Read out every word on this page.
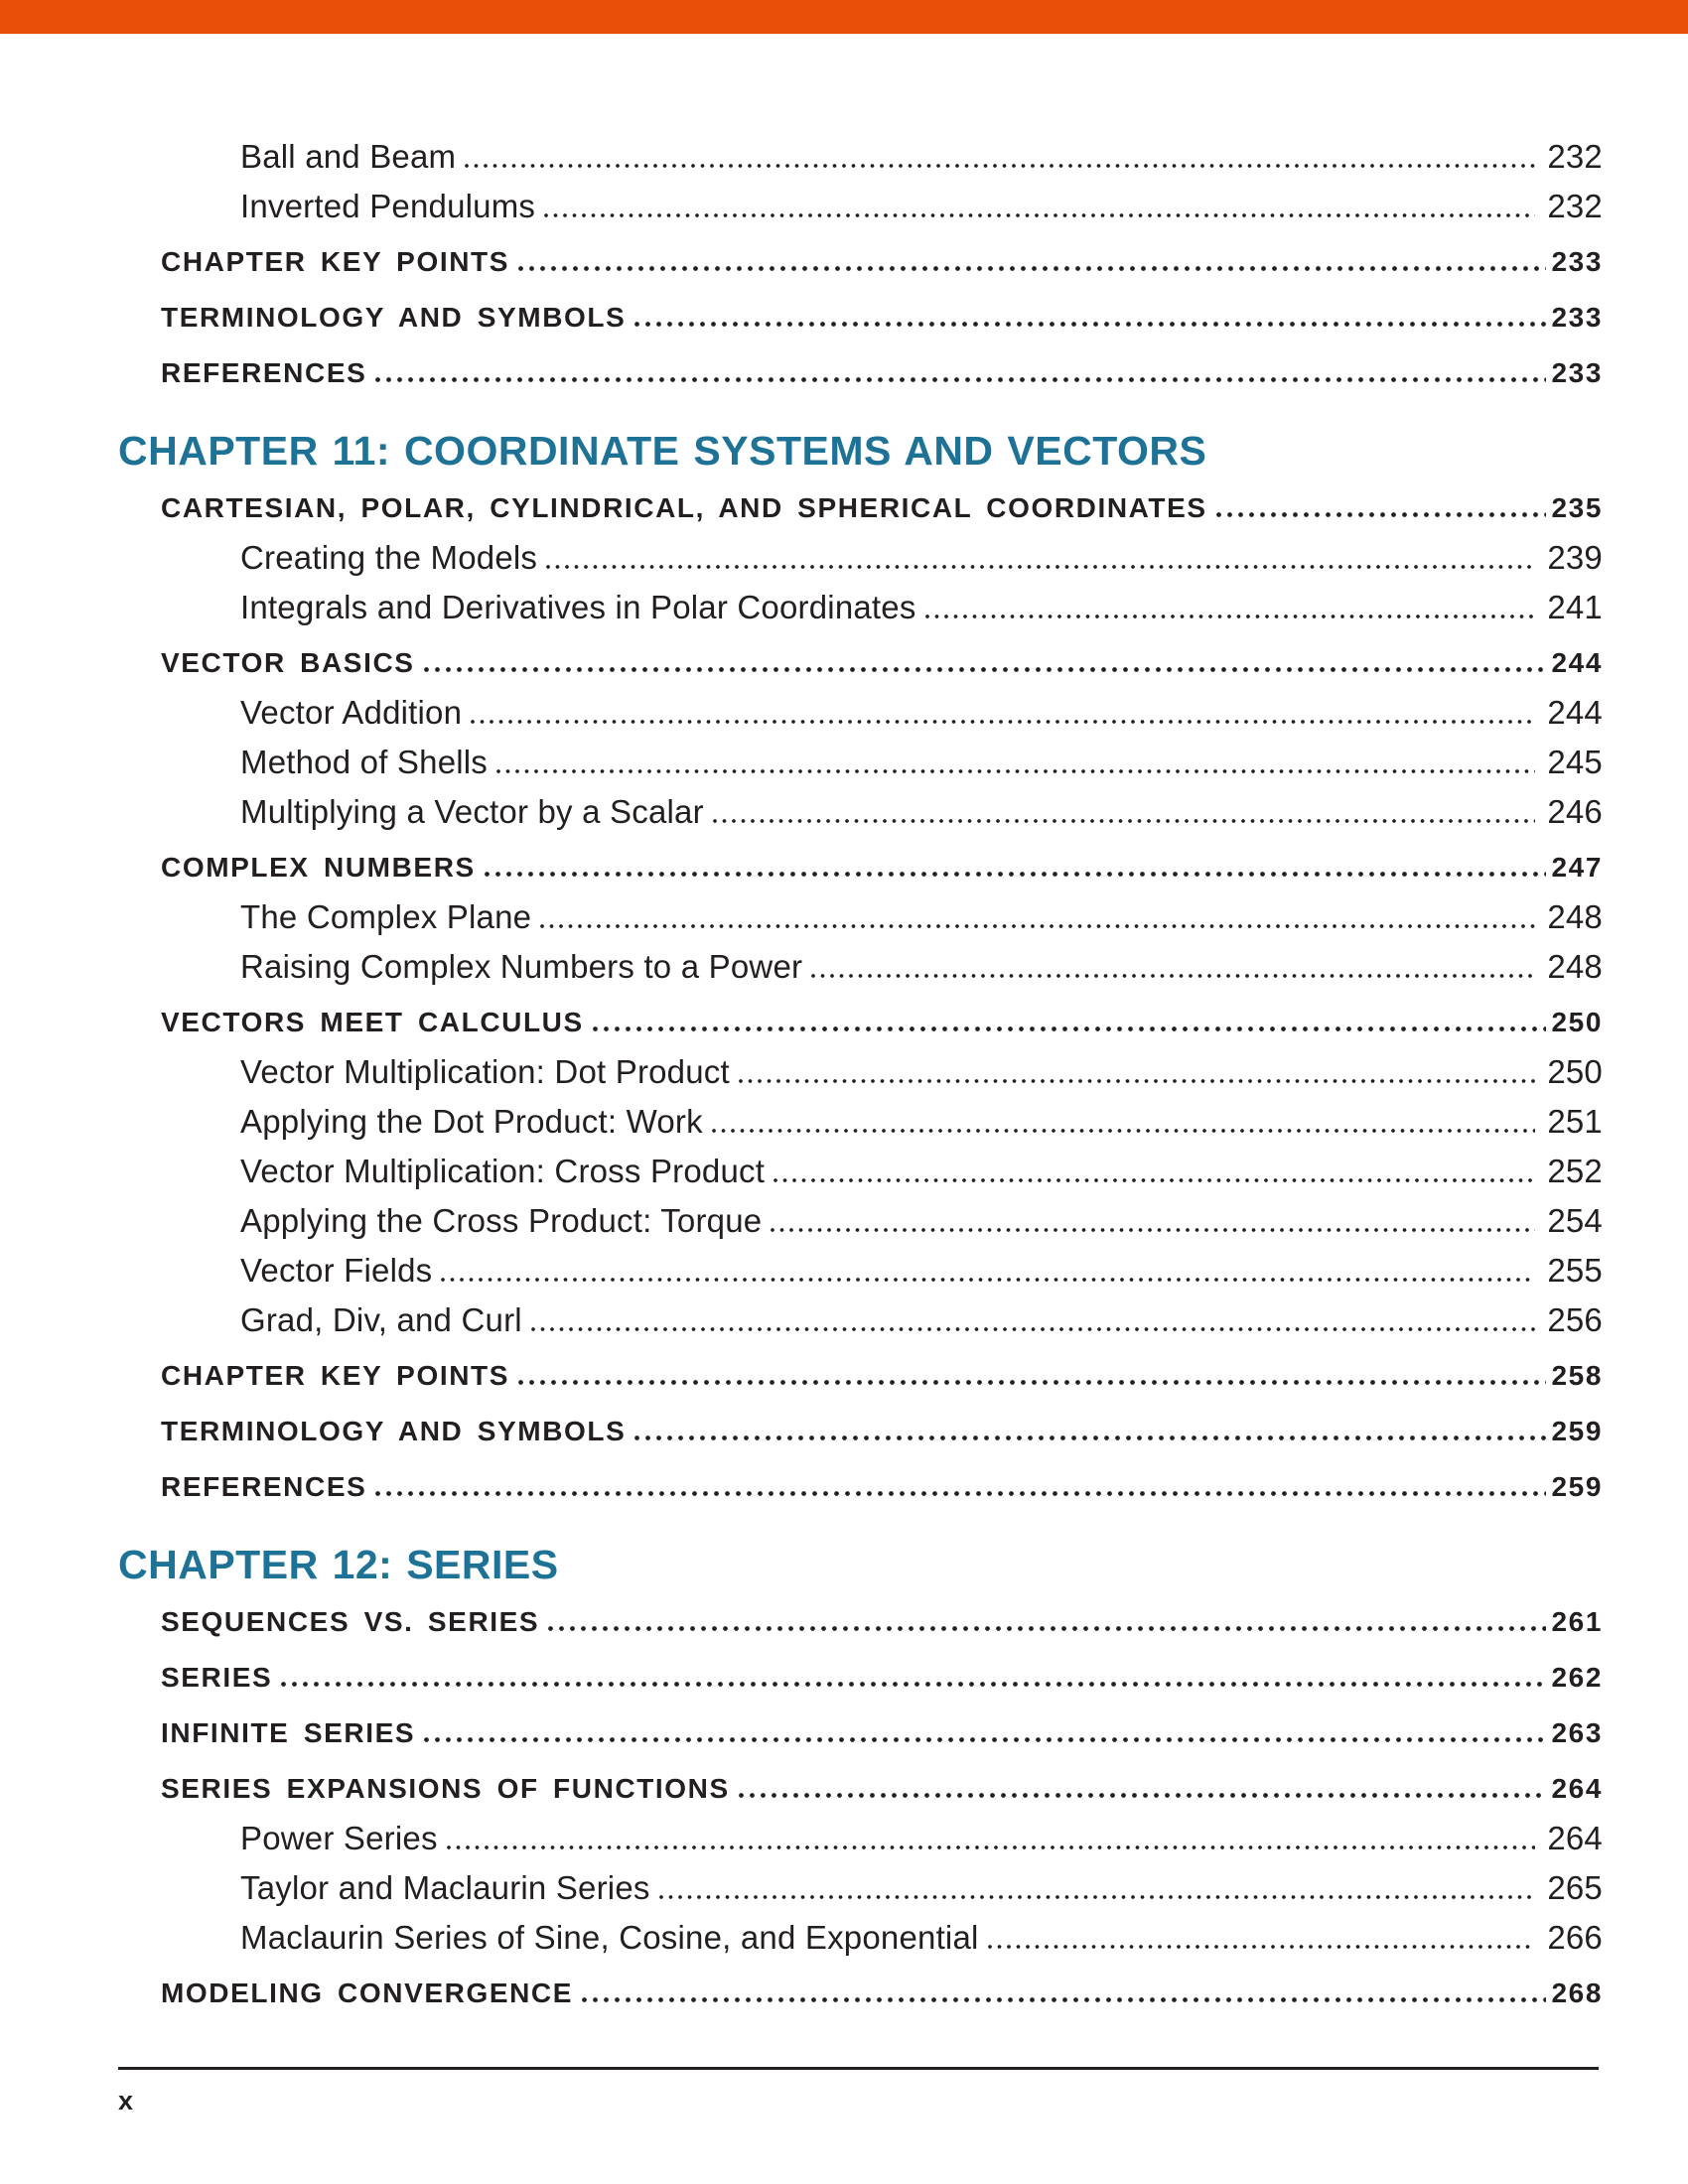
Ball and Beam	232
Inverted Pendulums	232
CHAPTER KEY POINTS	233
TERMINOLOGY AND SYMBOLS	233
REFERENCES	233
CHAPTER 11: COORDINATE SYSTEMS AND VECTORS
CARTESIAN, POLAR, CYLINDRICAL, AND SPHERICAL COORDINATES	235
Creating the Models	239
Integrals and Derivatives in Polar Coordinates	241
VECTOR BASICS	244
Vector Addition	244
Method of Shells	245
Multiplying a Vector by a Scalar	246
COMPLEX NUMBERS	247
The Complex Plane	248
Raising Complex Numbers to a Power	248
VECTORS MEET CALCULUS	250
Vector Multiplication: Dot Product	250
Applying the Dot Product: Work	251
Vector Multiplication: Cross Product	252
Applying the Cross Product: Torque	254
Vector Fields	255
Grad, Div, and Curl	256
CHAPTER KEY POINTS	258
TERMINOLOGY AND SYMBOLS	259
REFERENCES	259
CHAPTER 12: SERIES
SEQUENCES VS. SERIES	261
SERIES	262
INFINITE SERIES	263
SERIES EXPANSIONS OF FUNCTIONS	264
Power Series	264
Taylor and Maclaurin Series	265
Maclaurin Series of Sine, Cosine, and Exponential	266
MODELING CONVERGENCE	268
x
